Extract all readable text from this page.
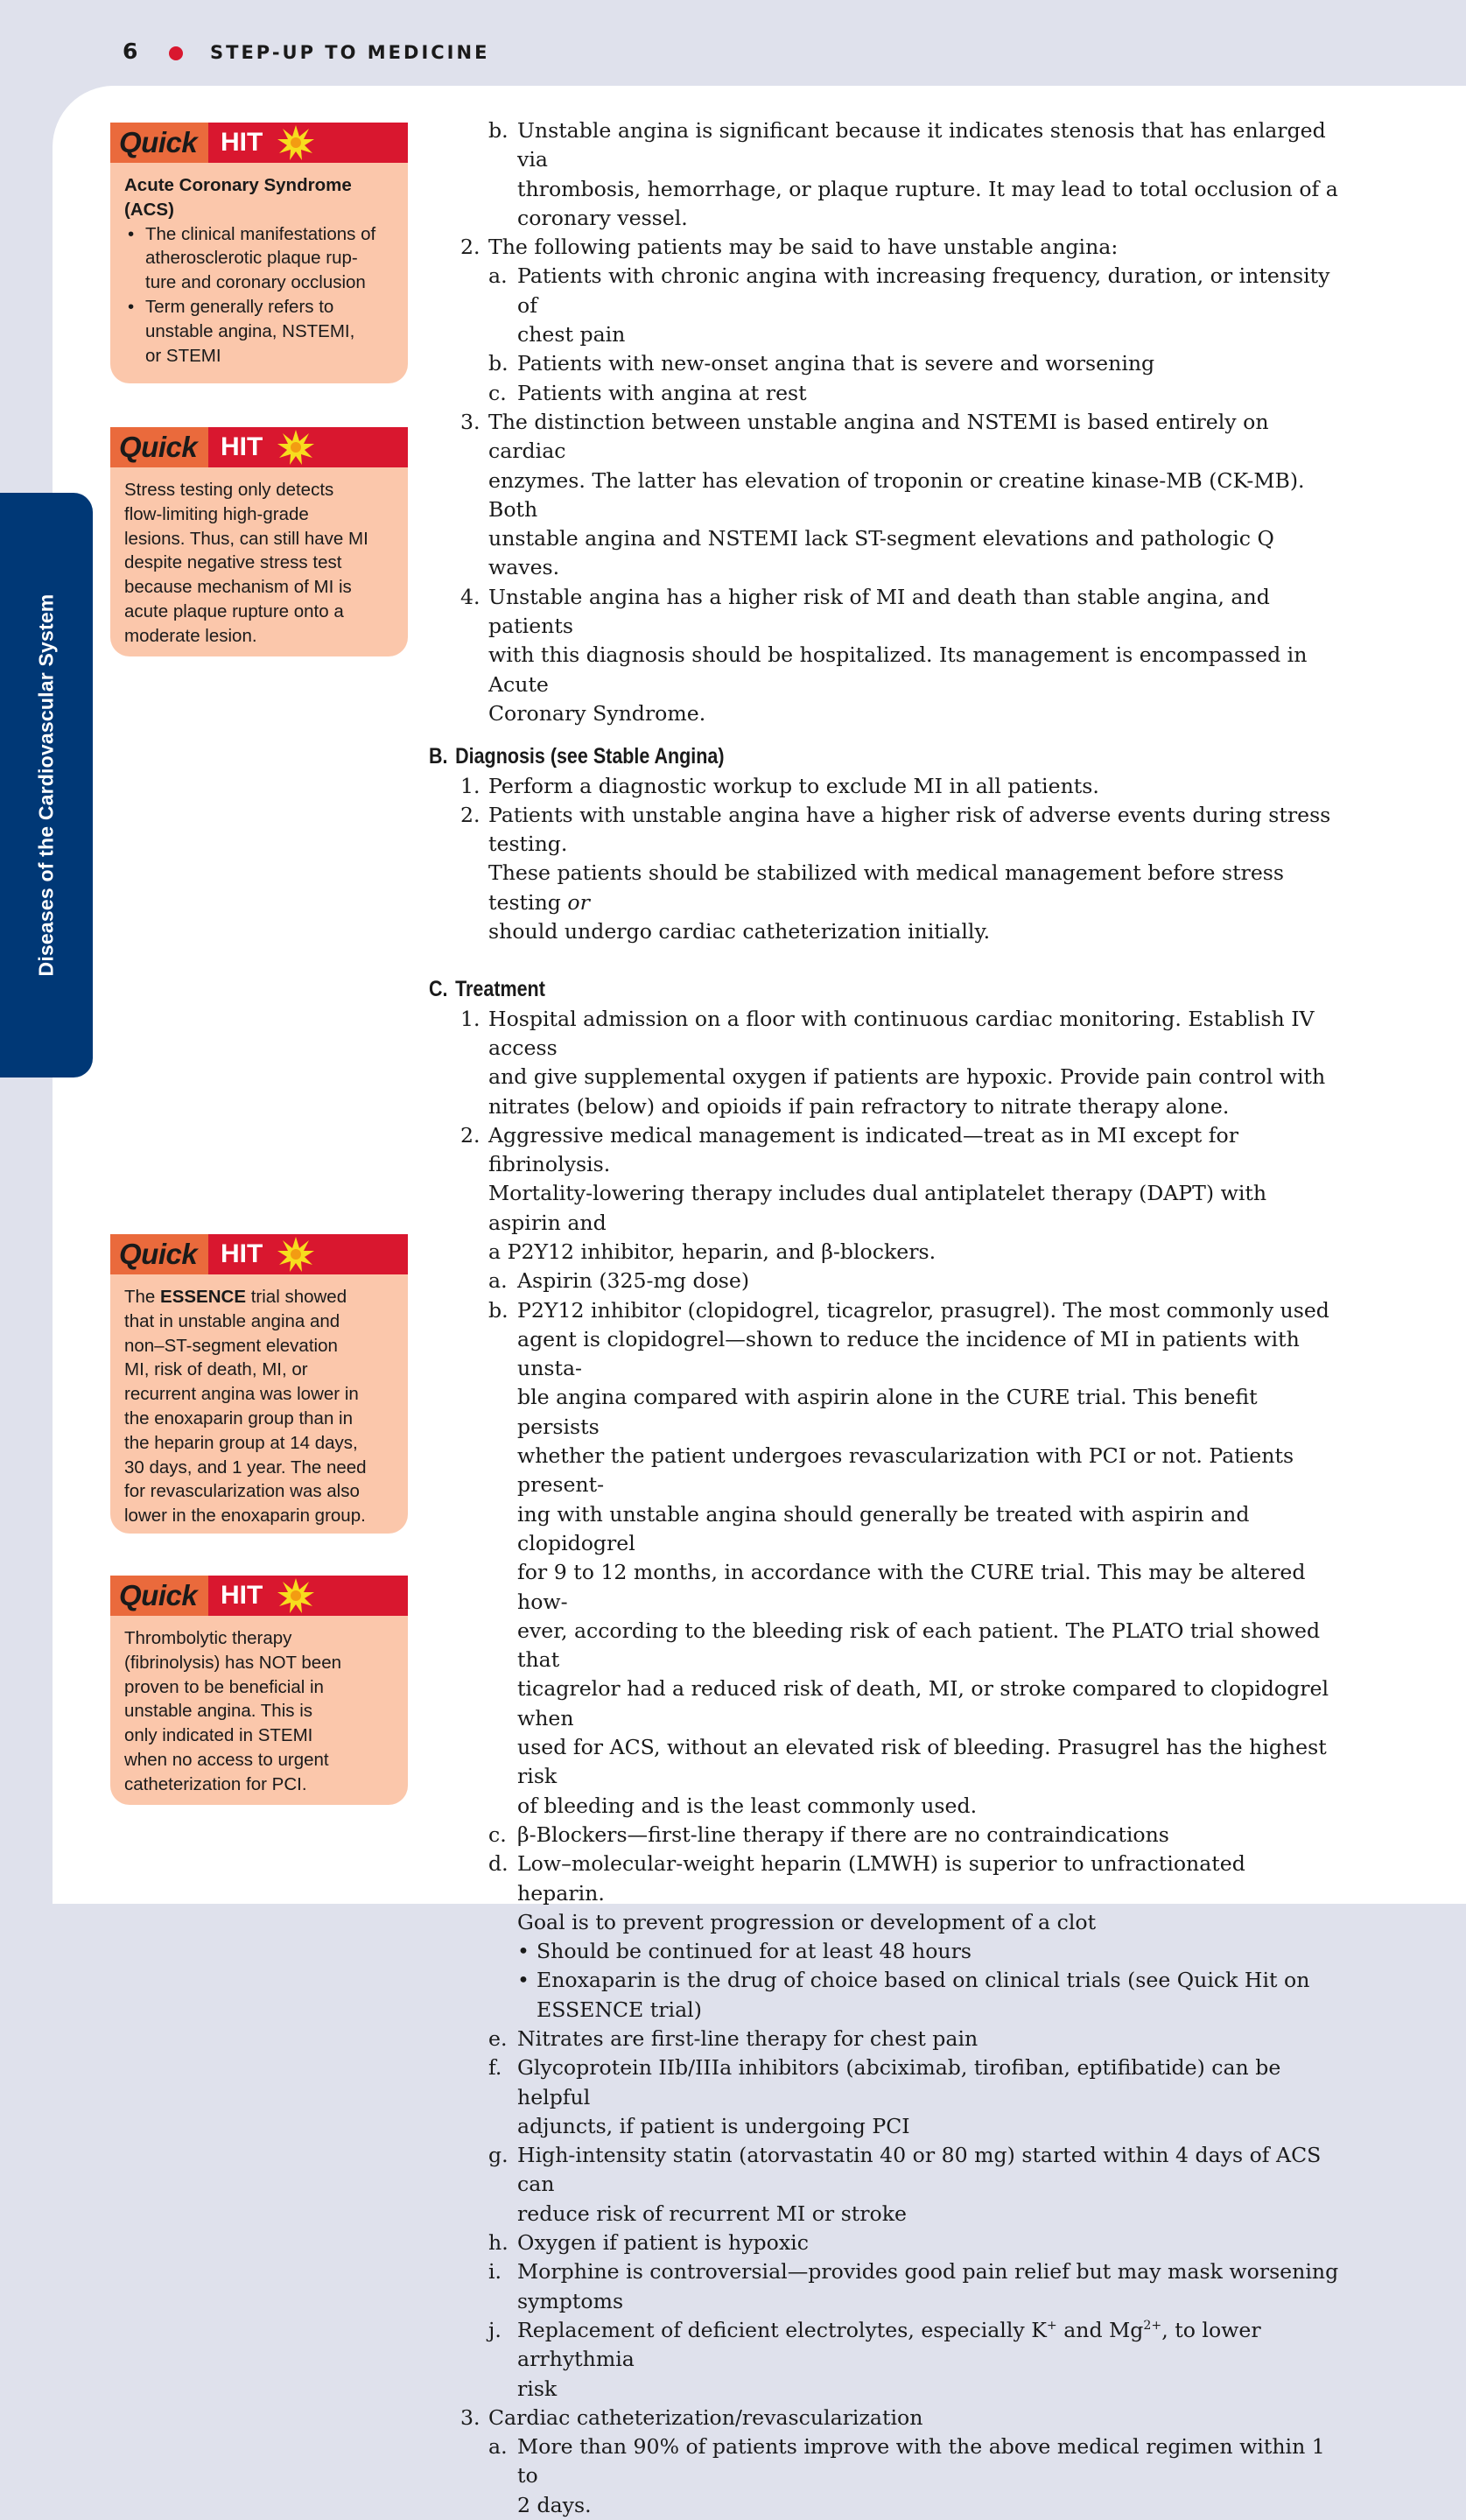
6	STEP-UP TO MEDICINE
Diseases of the Cardiovascular System
Quick HIT
Acute Coronary Syndrome
(ACS)
• The clinical manifestations of
atherosclerotic plaque rup-
ture and coronary occlusion
• Term generally refers to
unstable angina, NSTEMI,
or STEMI
Quick HIT
Stress testing only detects
flow-limiting high-grade
lesions. Thus, can still have MI
despite negative stress test
because mechanism of MI is
acute plaque rupture onto a
moderate lesion.
Quick HIT
The ESSENCE trial showed
that in unstable angina and
non–ST-segment elevation
MI, risk of death, MI, or
recurrent angina was lower in
the enoxaparin group than in
the heparin group at 14 days,
30 days, and 1 year. The need
for revascularization was also
lower in the enoxaparin group.
Quick HIT
Thrombolytic therapy
(fibrinolysis) has NOT been
proven to be beneficial in
unstable angina. This is
only indicated in STEMI
when no access to urgent
catheterization for PCI.
b. Unstable angina is significant because it indicates stenosis that has enlarged via
thrombosis, hemorrhage, or plaque rupture. It may lead to total occlusion of a
coronary vessel.
2. The following patients may be said to have unstable angina:
a. Patients with chronic angina with increasing frequency, duration, or intensity of
chest pain
b. Patients with new-onset angina that is severe and worsening
c. Patients with angina at rest
3. The distinction between unstable angina and NSTEMI is based entirely on cardiac
enzymes. The latter has elevation of troponin or creatine kinase-MB (CK-MB). Both
unstable angina and NSTEMI lack ST-segment elevations and pathologic Q waves.
4. Unstable angina has a higher risk of MI and death than stable angina, and patients
with this diagnosis should be hospitalized. Its management is encompassed in Acute
Coronary Syndrome.
B. Diagnosis (see Stable Angina)
1. Perform a diagnostic workup to exclude MI in all patients.
2. Patients with unstable angina have a higher risk of adverse events during stress testing.
These patients should be stabilized with medical management before stress testing or
should undergo cardiac catheterization initially.
C. Treatment
1. Hospital admission on a floor with continuous cardiac monitoring. Establish IV access
and give supplemental oxygen if patients are hypoxic. Provide pain control with
nitrates (below) and opioids if pain refractory to nitrate therapy alone.
2. Aggressive medical management is indicated—treat as in MI except for fibrinolysis.
Mortality-lowering therapy includes dual antiplatelet therapy (DAPT) with aspirin and
a P2Y12 inhibitor, heparin, and β-blockers.
a. Aspirin (325-mg dose)
b. P2Y12 inhibitor (clopidogrel, ticagrelor, prasugrel). The most commonly used
agent is clopidogrel—shown to reduce the incidence of MI in patients with unsta-
ble angina compared with aspirin alone in the CURE trial. This benefit persists
whether the patient undergoes revascularization with PCI or not. Patients present-
ing with unstable angina should generally be treated with aspirin and clopidogrel
for 9 to 12 months, in accordance with the CURE trial. This may be altered how-
ever, according to the bleeding risk of each patient. The PLATO trial showed that
ticagrelor had a reduced risk of death, MI, or stroke compared to clopidogrel when
used for ACS, without an elevated risk of bleeding. Prasugrel has the highest risk
of bleeding and is the least commonly used.
c. β-Blockers—first-line therapy if there are no contraindications
d. Low–molecular-weight heparin (LMWH) is superior to unfractionated heparin.
Goal is to prevent progression or development of a clot
• Should be continued for at least 48 hours
• Enoxaparin is the drug of choice based on clinical trials (see Quick Hit on
ESSENCE trial)
e. Nitrates are first-line therapy for chest pain
f. Glycoprotein IIb/IIIa inhibitors (abciximab, tirofiban, eptifibatide) can be helpful
adjuncts, if patient is undergoing PCI
g. High-intensity statin (atorvastatin 40 or 80 mg) started within 4 days of ACS can
reduce risk of recurrent MI or stroke
h. Oxygen if patient is hypoxic
i. Morphine is controversial—provides good pain relief but may mask worsening
symptoms
j. Replacement of deficient electrolytes, especially K+ and $Mg^{2+}$, to lower arrhythmia
risk
3. Cardiac catheterization/revascularization
a. More than 90% of patients improve with the above medical regimen within 1 to
2 days.
